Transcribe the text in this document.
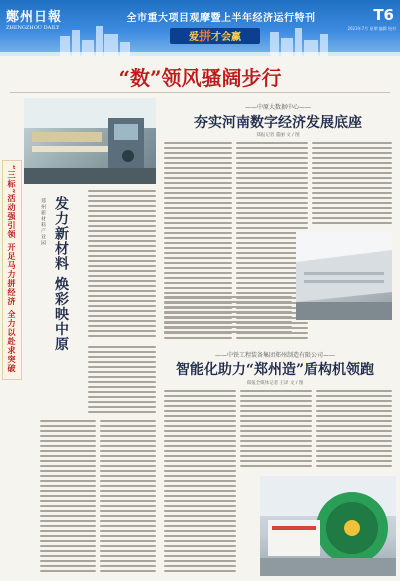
鄭州日報
ZHENGZHOU DAILY
全市重大项目观摩暨上半年经济运行特刊
爱拼才会赢
T6
2023年7月 星期 编辑 校对
“数”领风骚阔步行
“三标”活动强引领 开足马力拼经济 全力以赴求突破	郑州新材料产业园 发力新材料 焕彩映中原
——中原大数据中心——
夯实河南数字经济发展底座
郑报记者 董丽 文 / 图
——中铁工程装备集团郑州制造有限公司——
智能化助力“郑州造”盾构机领跑
郑报全媒体记者 王译 文 / 图
